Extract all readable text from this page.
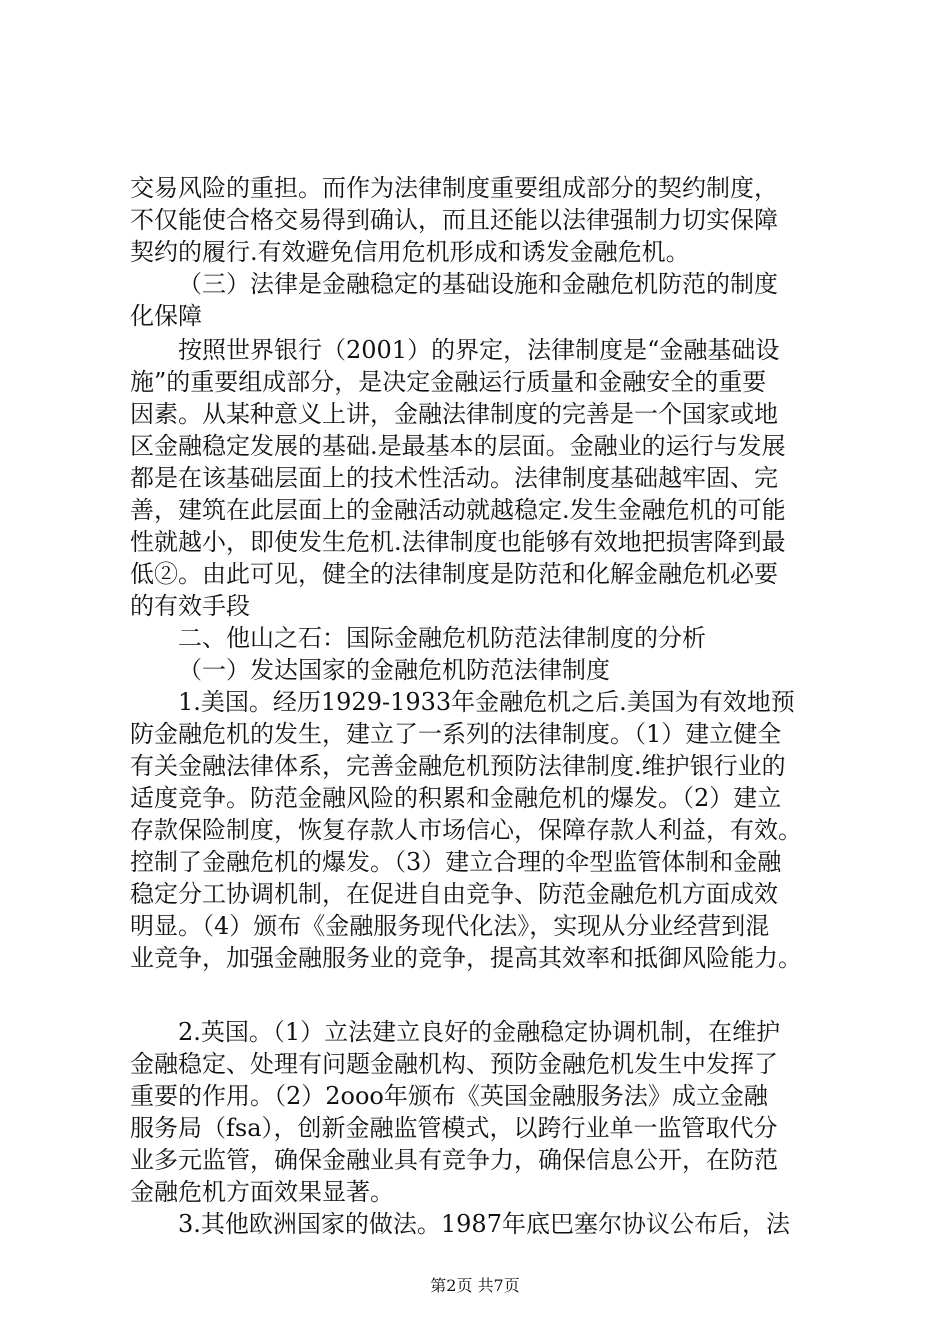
交易风险的重担。而作为法律制度重要组成部分的契约制度，
不仅能使合格交易得到确认，而且还能以法律强制力切实保障
契约的履行.有效避免信用危机形成和诱发金融危机。
（三）法律是金融稳定的基础设施和金融危机防范的制度
化保障
按照世界银行（2001）的界定，法律制度是“金融基础设
施”的重要组成部分，是决定金融运行质量和金融安全的重要
因素。从某种意义上讲，金融法律制度的完善是一个国家或地
区金融稳定发展的基础.是最基本的层面。金融业的运行与发展
都是在该基础层面上的技术性活动。法律制度基础越牢固、完
善，建筑在此层面上的金融活动就越稳定.发生金融危机的可能
性就越小，即使发生危机.法律制度也能够有效地把损害降到最
低②。由此可见，健全的法律制度是防范和化解金融危机必要
的有效手段
二、他山之石：国际金融危机防范法律制度的分析
（一）发达国家的金融危机防范法律制度
1.美国。经历1929-1933年金融危机之后.美国为有效地预
防金融危机的发生，建立了一系列的法律制度。（1）建立健全
有关金融法律体系，完善金融危机预防法律制度.维护银行业的
适度竞争。防范金融风险的积累和金融危机的爆发。（2）建立
存款保险制度，恢复存款人市场信心，保障存款人利益，有效。
控制了金融危机的爆发。（3）建立合理的伞型监管体制和金融
稳定分工协调机制，在促进自由竞争、防范金融危机方面成效
明显。（4）颁布《金融服务现代化法》，实现从分业经营到混
业竞争，加强金融服务业的竞争，提高其效率和抵御风险能力。
2.英国。（1）立法建立良好的金融稳定协调机制，在维护
金融稳定、处理有问题金融机构、预防金融危机发生中发挥了
重要的作用。（2）2ooo年颁布《英国金融服务法》成立金融
服务局（fsa），创新金融监管模式，以跨行业单一监管取代分
业多元监管，确保金融业具有竞争力，确保信息公开，在防范
金融危机方面效果显著。
3.其他欧洲国家的做法。1987年底巴塞尔协议公布后，法
第2页 共7页
